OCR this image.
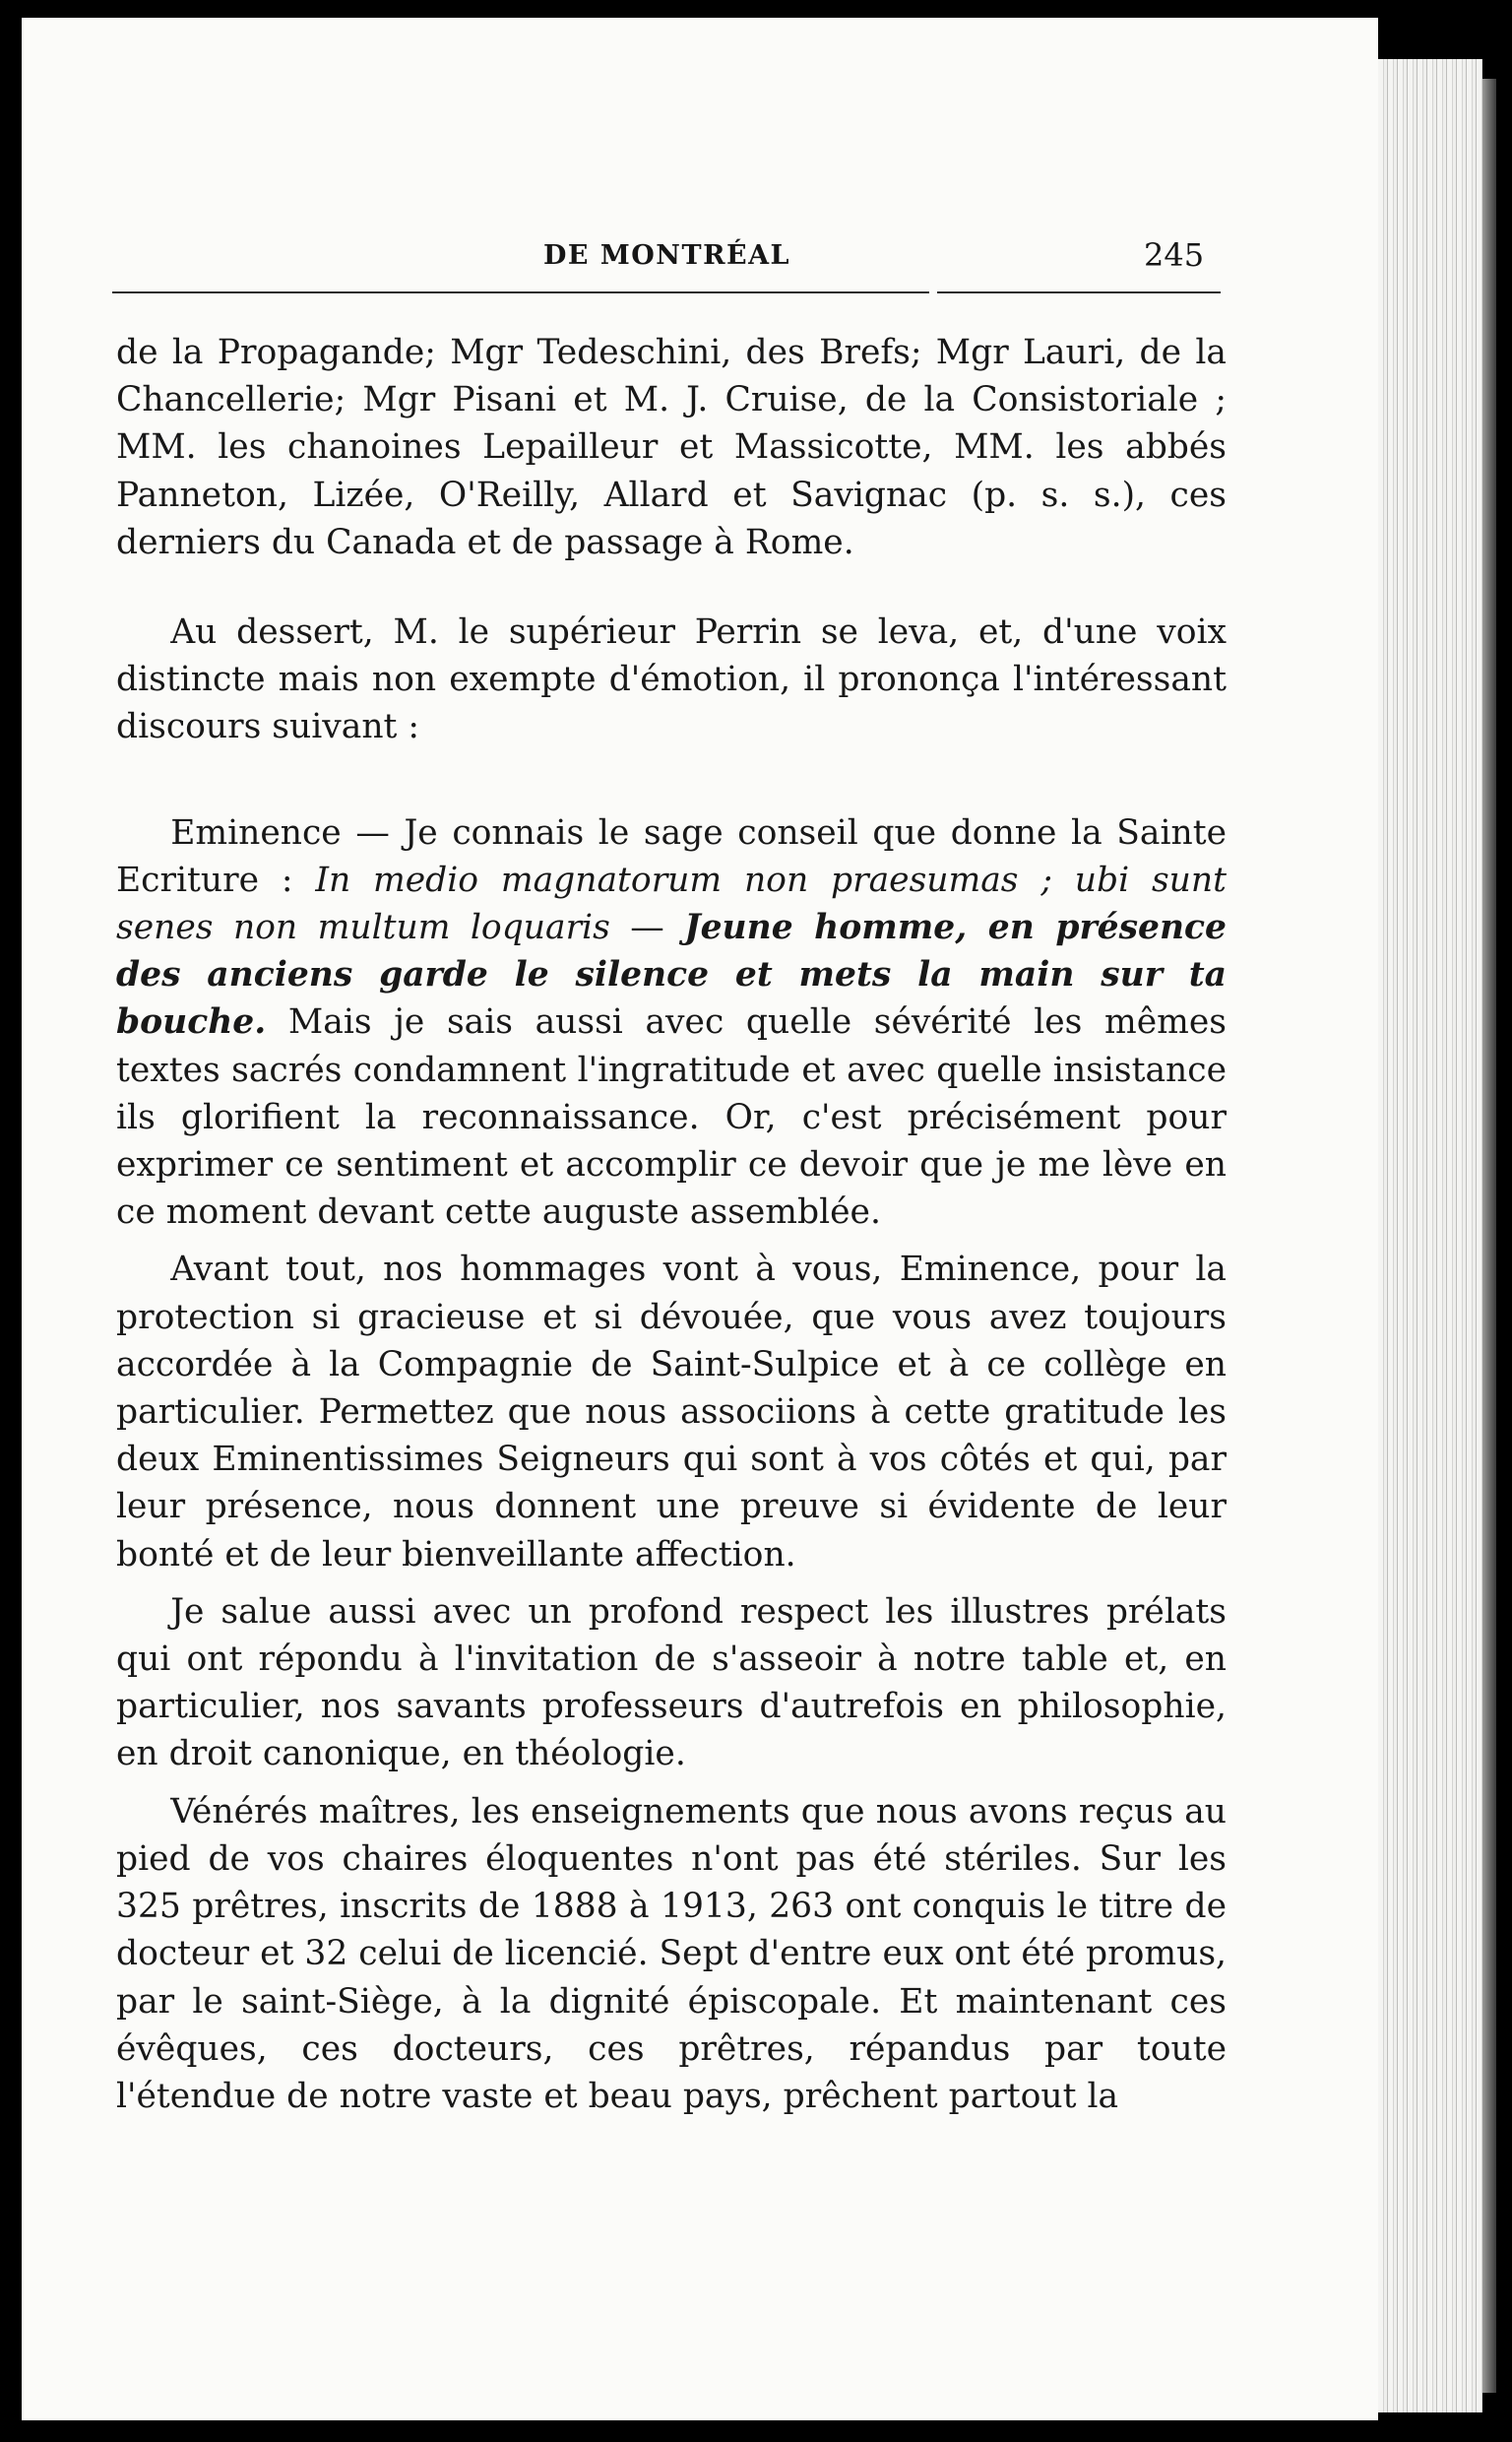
DE MONTRÉAL	245

de la Propagande; Mgr Tedeschini, des Brefs; Mgr Lauri, de la Chancellerie; Mgr Pisani et M. J. Cruise, de la Consistoriale ; MM. les chanoines Lepailleur et Massicotte, MM. les abbés Panneton, Lizée, O'Reilly, Allard et Savignac (p. s. s.), ces derniers du Canada et de passage à Rome.

Au dessert, M. le supérieur Perrin se leva, et, d'une voix distincte mais non exempte d'émotion, il prononça l'intéressant discours suivant :

Eminence — Je connais le sage conseil que donne la Sainte Ecriture : In medio magnatorum non praesumas ; ubi sunt senes non multum loquaris — Jeune homme, en présence des anciens garde le silence et mets la main sur ta bouche. Mais je sais aussi avec quelle sévérité les mêmes textes sacrés condamnent l'ingratitude et avec quelle insistance ils glorifient la reconnaissance. Or, c'est précisément pour exprimer ce sentiment et accomplir ce devoir que je me lève en ce moment devant cette auguste assemblée.

Avant tout, nos hommages vont à vous, Eminence, pour la protection si gracieuse et si dévouée, que vous avez toujours accordée à la Compagnie de Saint-Sulpice et à ce collège en particulier. Permettez que nous associions à cette gratitude les deux Eminentissimes Seigneurs qui sont à vos côtés et qui, par leur présence, nous donnent une preuve si évidente de leur bonté et de leur bienveillante affection.

Je salue aussi avec un profond respect les illustres prélats qui ont répondu à l'invitation de s'asseoir à notre table et, en particulier, nos savants professeurs d'autrefois en philosophie, en droit canonique, en théologie.

Vénérés maîtres, les enseignements que nous avons reçus au pied de vos chaires éloquentes n'ont pas été stériles. Sur les 325 prêtres, inscrits de 1888 à 1913, 263 ont conquis le titre de docteur et 32 celui de licencié. Sept d'entre eux ont été promus, par le saint-Siège, à la dignité épiscopale. Et maintenant ces évêques, ces docteurs, ces prêtres, répandus par toute l'étendue de notre vaste et beau pays, prêchent partout la
